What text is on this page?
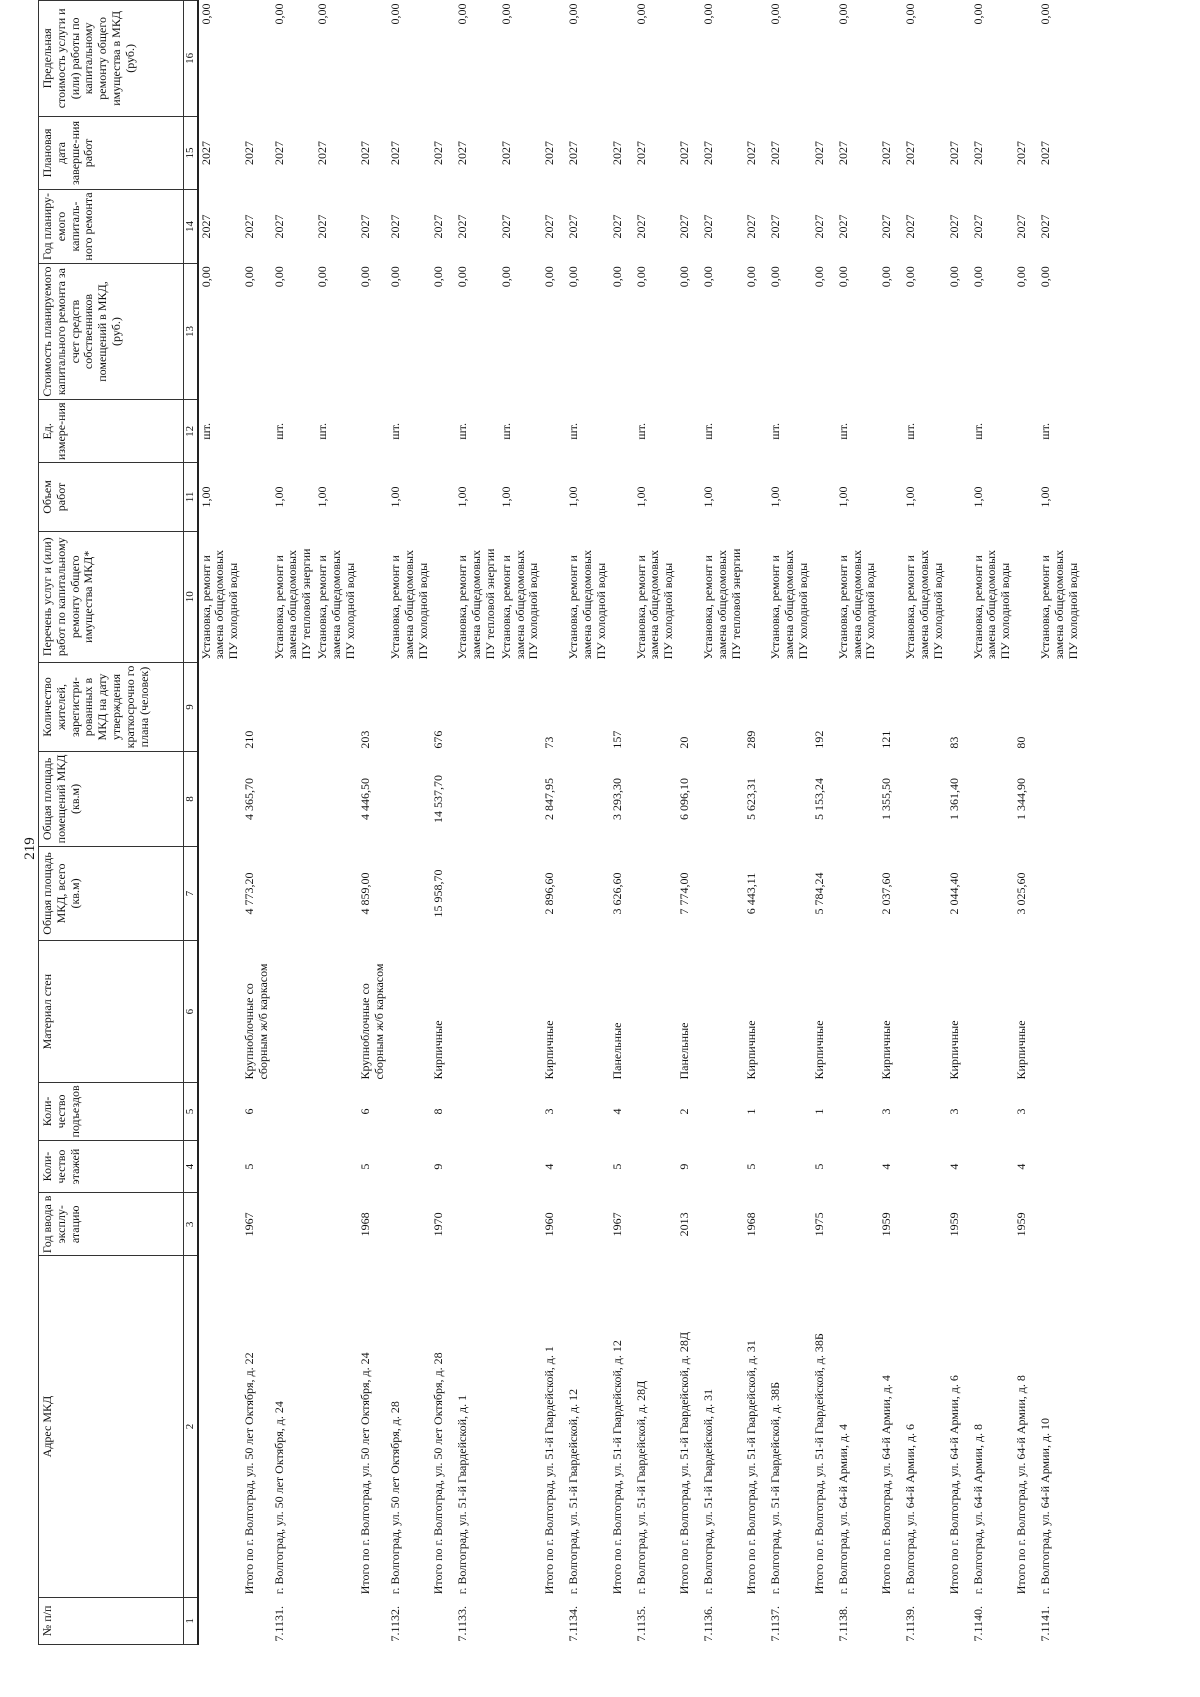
219
№ п/п	Адрес МКД	Год ввода в эксплу-атацию	Коли-чество этажей	Коли-чество подъездов	Материал стен	Общая площадь МКД, всего (кв.м)	Общая площадь помещений МКД (кв.м)	Количество жителей, зарегистри-рованных в МКД на дату утверждения краткосрочно го плана (человек)	Перечень услуг и (или) работ по капитальному ремонту общего имущества МКД*	Объем работ	Ед. измере-ния	Стоимость планируемого капитального ремонта за счет средств собственников помещений в МКД, (руб.)	Год планиру-емого капиталь-ного ремонта	Плановая дата заверше-ния работ	Предельная стоимость услуги и (или) работы по капитальному ремонту общего имущества в МКД (руб.)
1	2	3	4	5	6	7	8	9	10	11	12	13	14	15	16
									Установка, ремонт и замена общедомовых ПУ холодной воды	1,00	шт.	0,00	2027	2027	0,00
	Итого по г. Волгоград, ул. 50 лет Октября, д. 22	1967	5	6	Крупноблочные со сборным ж/б каркасом	4 773,20	4 365,70	210				0,00	2027	2027	
7.1131.	г. Волгоград, ул. 50 лет Октября, д. 24								Установка, ремонт и замена общедомовых ПУ тепловой энергии	1,00	шт.	0,00	2027	2027	0,00
									Установка, ремонт и замена общедомовых ПУ холодной воды	1,00	шт.	0,00	2027	2027	0,00
	Итого по г. Волгоград, ул. 50 лет Октября, д. 24	1968	5	6	Крупноблочные со сборным ж/б каркасом	4 859,00	4 446,50	203				0,00	2027	2027	
7.1132.	г. Волгоград, ул. 50 лет Октября, д. 28								Установка, ремонт и замена общедомовых ПУ холодной воды	1,00	шт.	0,00	2027	2027	0,00
	Итого по г. Волгоград, ул. 50 лет Октября, д. 28	1970	9	8	Кирпичные	15 958,70	14 537,70	676				0,00	2027	2027	
7.1133.	г. Волгоград, ул. 51-й Гвардейской, д. 1								Установка, ремонт и замена общедомовых ПУ тепловой энергии	1,00	шт.	0,00	2027	2027	0,00
									Установка, ремонт и замена общедомовых ПУ холодной воды	1,00	шт.	0,00	2027	2027	0,00
	Итого по г. Волгоград, ул. 51-й Гвардейской, д. 1	1960	4	3	Кирпичные	2 896,60	2 847,95	73				0,00	2027	2027	
7.1134.	г. Волгоград, ул. 51-й Гвардейской, д. 12								Установка, ремонт и замена общедомовых ПУ холодной воды	1,00	шт.	0,00	2027	2027	0,00
	Итого по г. Волгоград, ул. 51-й Гвардейской, д. 12	1967	5	4	Панельные	3 626,60	3 293,30	157				0,00	2027	2027	
7.1135.	г. Волгоград, ул. 51-й Гвардейской, д. 28Д								Установка, ремонт и замена общедомовых ПУ холодной воды	1,00	шт.	0,00	2027	2027	0,00
	Итого по г. Волгоград, ул. 51-й Гвардейской, д. 28Д	2013	9	2	Панельные	7 774,00	6 096,10	20				0,00	2027	2027	
7.1136.	г. Волгоград, ул. 51-й Гвардейской, д. 31								Установка, ремонт и замена общедомовых ПУ тепловой энергии	1,00	шт.	0,00	2027	2027	0,00
	Итого по г. Волгоград, ул. 51-й Гвардейской, д. 31	1968	5	1	Кирпичные	6 443,11	5 623,31	289				0,00	2027	2027	
7.1137.	г. Волгоград, ул. 51-й Гвардейской, д. 38Б								Установка, ремонт и замена общедомовых ПУ холодной воды	1,00	шт.	0,00	2027	2027	0,00
	Итого по г. Волгоград, ул. 51-й Гвардейской, д. 38Б	1975	5	1	Кирпичные	5 784,24	5 153,24	192				0,00	2027	2027	
7.1138.	г. Волгоград, ул. 64-й Армии, д. 4								Установка, ремонт и замена общедомовых ПУ холодной воды	1,00	шт.	0,00	2027	2027	0,00
	Итого по г. Волгоград, ул. 64-й Армии, д. 4	1959	4	3	Кирпичные	2 037,60	1 355,50	121				0,00	2027	2027	
7.1139.	г. Волгоград, ул. 64-й Армии, д. 6								Установка, ремонт и замена общедомовых ПУ холодной воды	1,00	шт.	0,00	2027	2027	0,00
	Итого по г. Волгоград, ул. 64-й Армии, д. 6	1959	4	3	Кирпичные	2 044,40	1 361,40	83				0,00	2027	2027	
7.1140.	г. Волгоград, ул. 64-й Армии, д. 8								Установка, ремонт и замена общедомовых ПУ холодной воды	1,00	шт.	0,00	2027	2027	0,00
	Итого по г. Волгоград, ул. 64-й Армии, д. 8	1959	4	3	Кирпичные	3 025,60	1 344,90	80				0,00	2027	2027	
7.1141.	г. Волгоград, ул. 64-й Армии, д. 10								Установка, ремонт и замена общедомовых ПУ холодной воды	1,00	шт.	0,00	2027	2027	0,00
